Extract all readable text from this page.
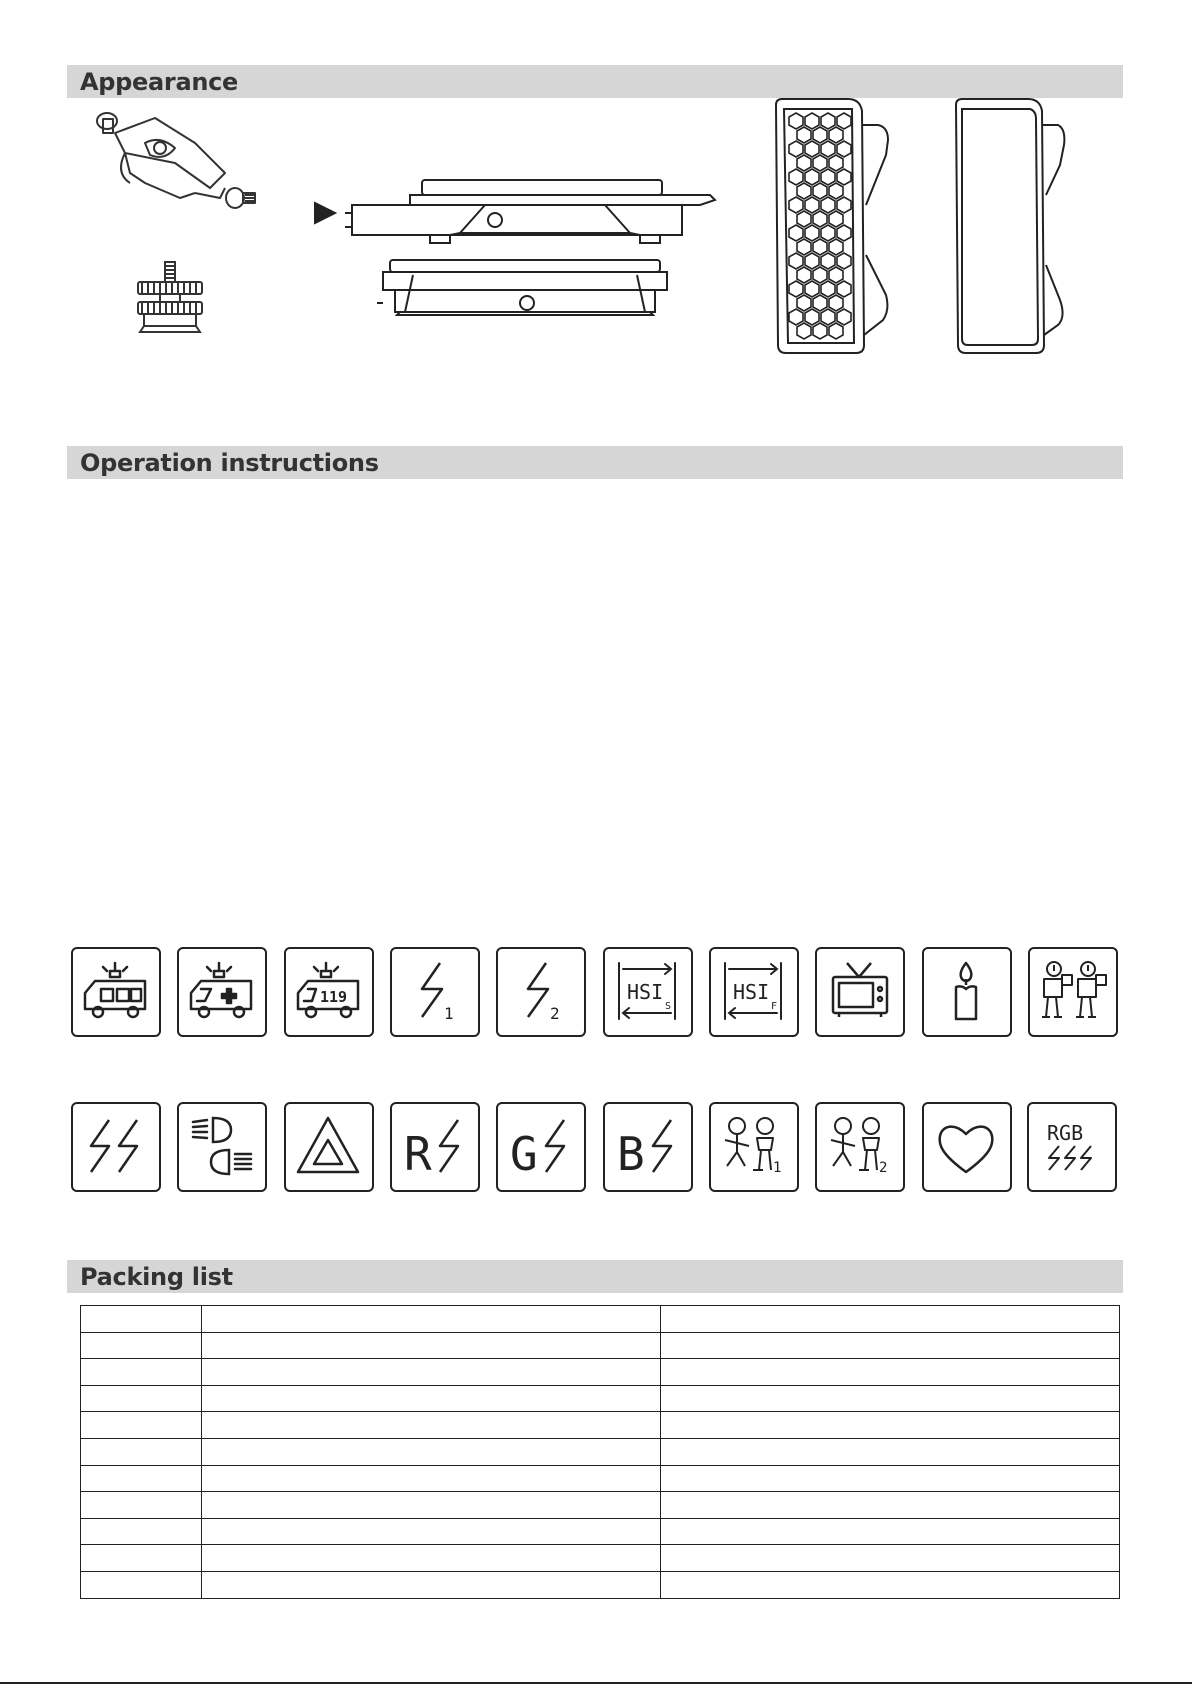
Appearance
Operation instructions
Packing list
119
1	2
HSI
S
HSI
F
R G B	1	2
RGB
